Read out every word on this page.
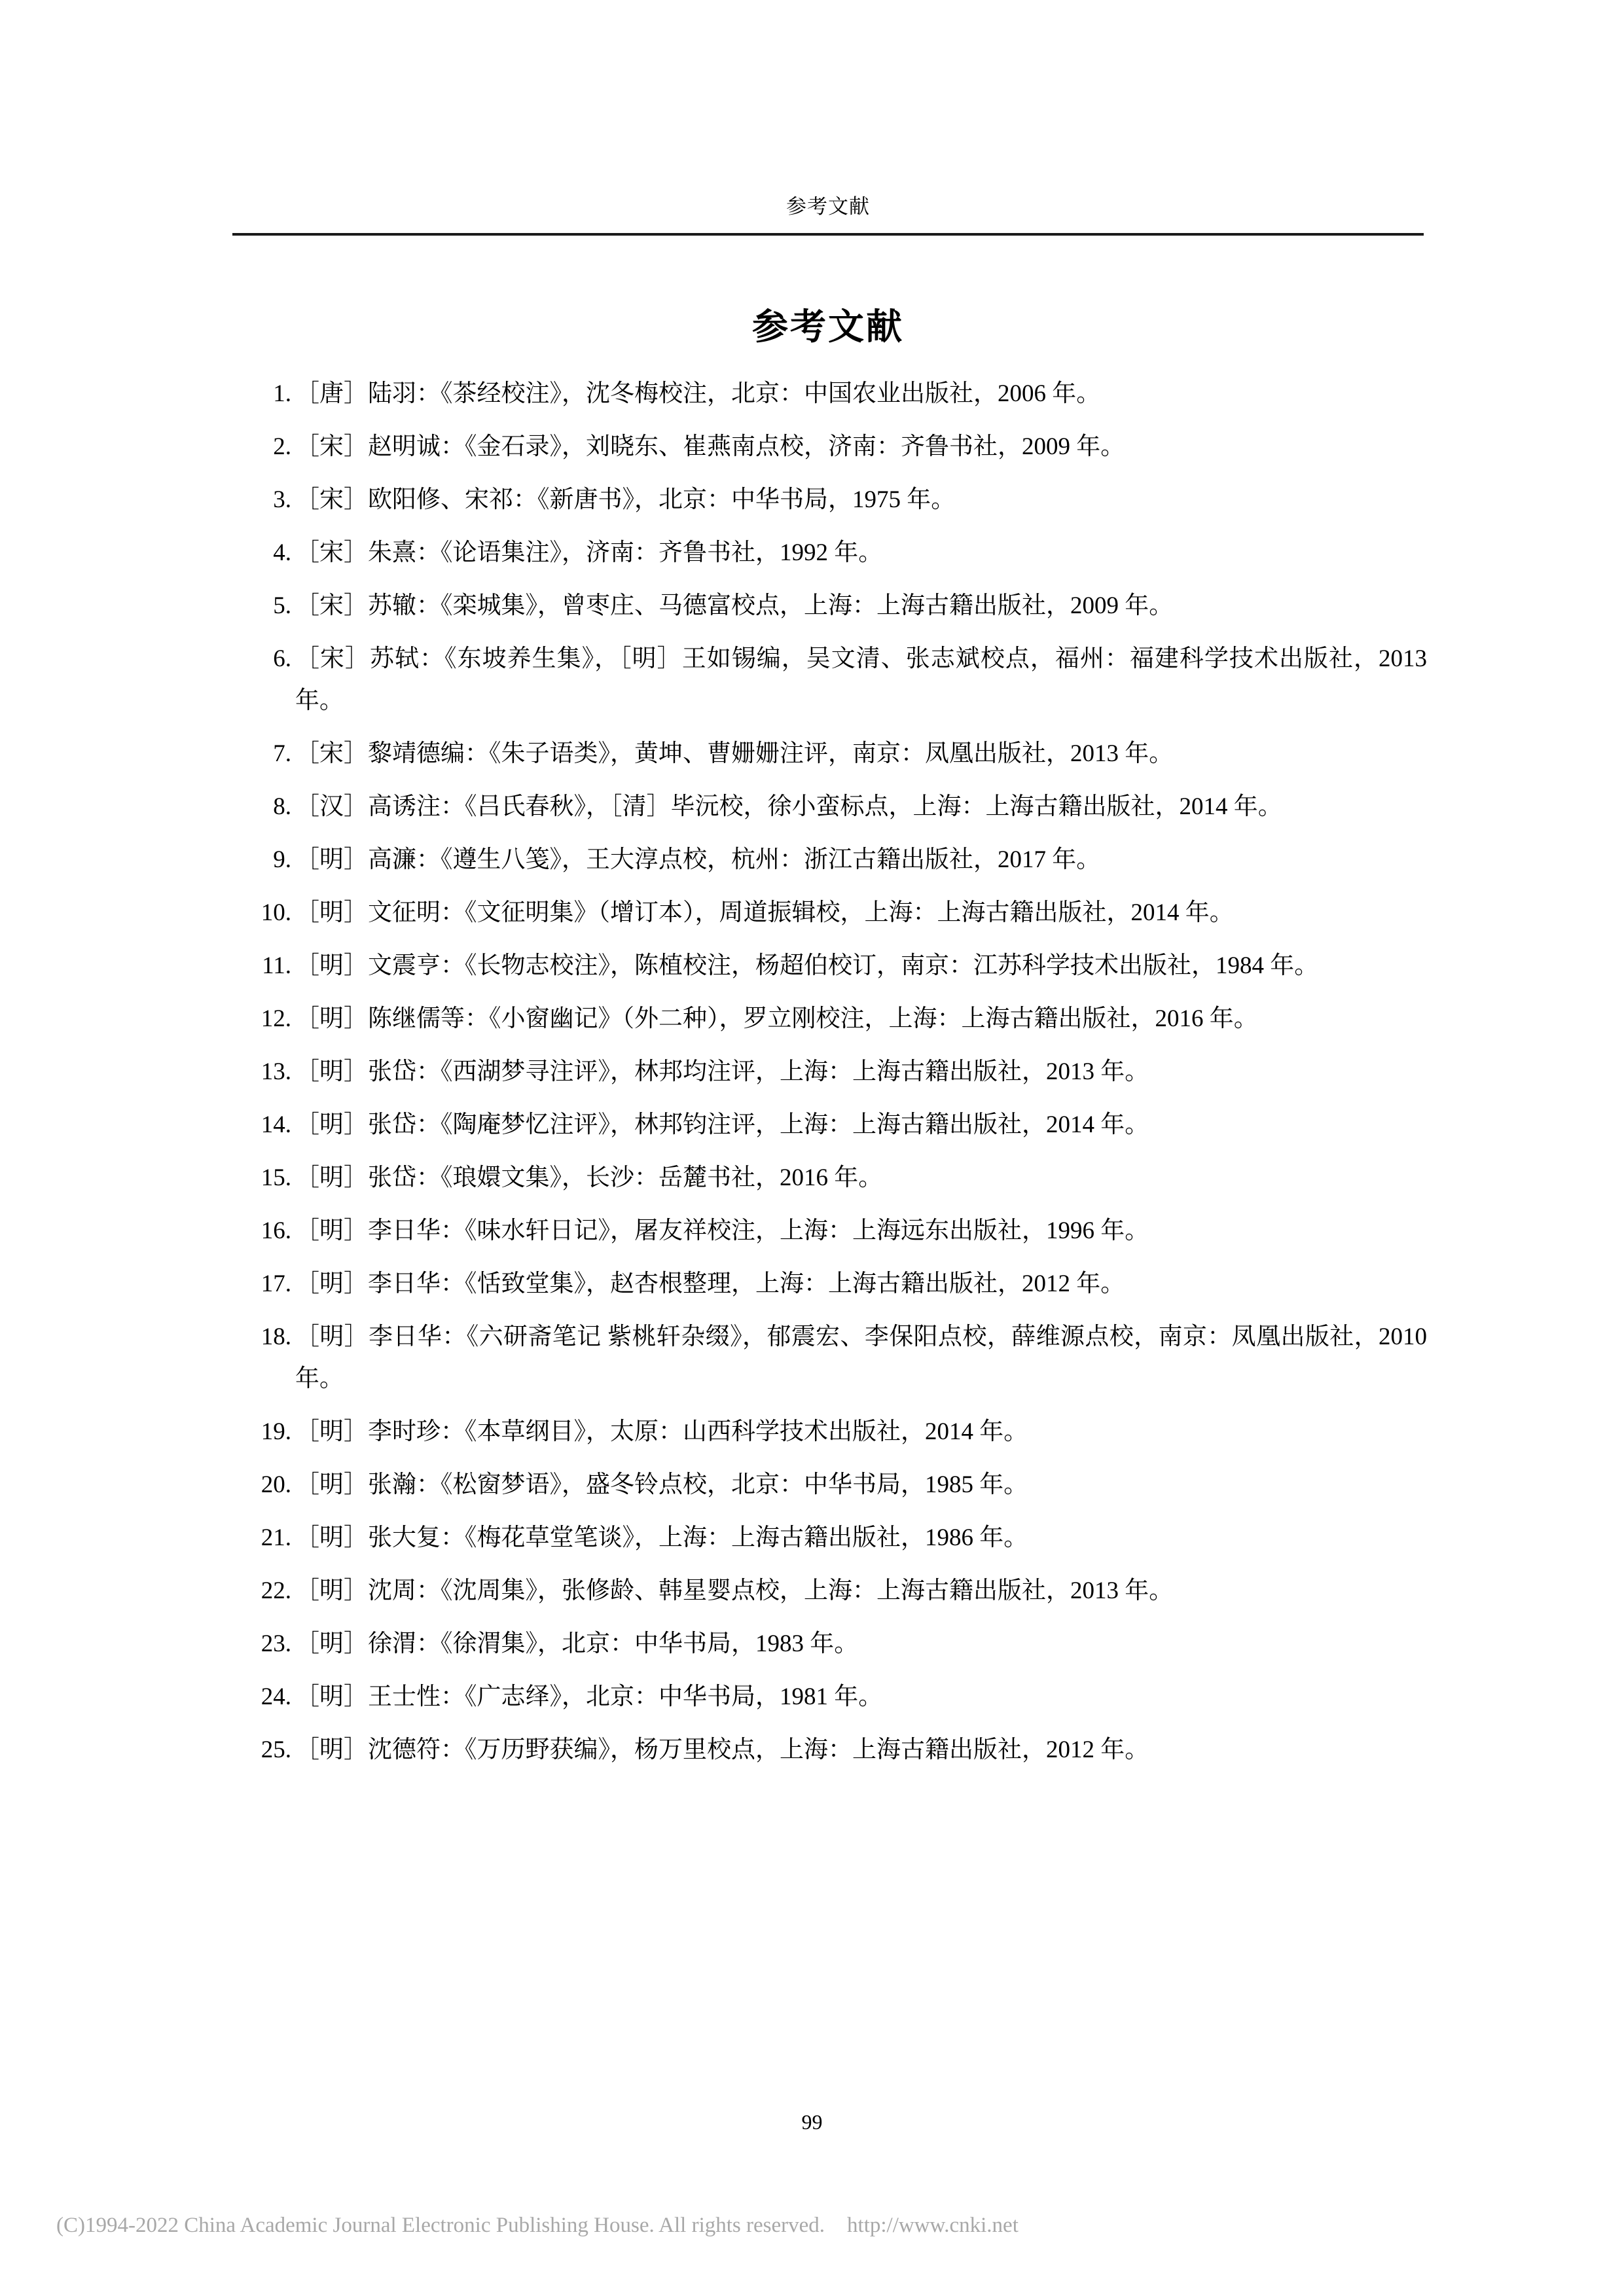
参考文献
参考文献
1. ［唐］陆羽：《茶经校注》，沈冬梅校注，北京：中国农业出版社，2006 年。
2. ［宋］赵明诚：《金石录》，刘晓东、崔燕南点校，济南：齐鲁书社，2009 年。
3. ［宋］欧阳修、宋祁：《新唐书》，北京：中华书局，1975 年。
4. ［宋］朱熹：《论语集注》，济南：齐鲁书社，1992 年。
5. ［宋］苏辙：《栾城集》，曾枣庄、马德富校点，上海：上海古籍出版社，2009 年。
6. ［宋］苏轼：《东坡养生集》，［明］王如锡编，吴文清、张志斌校点，福州：福建科学技术出版社，2013 年。
7. ［宋］黎靖德编：《朱子语类》，黄坤、曹姗姗注评，南京：凤凰出版社，2013 年。
8. ［汉］高诱注：《吕氏春秋》，［清］毕沅校，徐小蛮标点，上海：上海古籍出版社，2014 年。
9. ［明］高濂：《遵生八笺》，王大淳点校，杭州：浙江古籍出版社，2017 年。
10. ［明］文征明：《文征明集》（增订本），周道振辑校，上海：上海古籍出版社，2014 年。
11. ［明］文震亨：《长物志校注》，陈植校注，杨超伯校订，南京：江苏科学技术出版社，1984 年。
12. ［明］陈继儒等：《小窗幽记》（外二种），罗立刚校注，上海：上海古籍出版社，2016 年。
13. ［明］张岱：《西湖梦寻注评》，林邦均注评，上海：上海古籍出版社，2013 年。
14. ［明］张岱：《陶庵梦忆注评》，林邦钧注评，上海：上海古籍出版社，2014 年。
15. ［明］张岱：《琅嬛文集》，长沙：岳麓书社，2016 年。
16. ［明］李日华：《味水轩日记》，屠友祥校注，上海：上海远东出版社，1996 年。
17. ［明］李日华：《恬致堂集》，赵杏根整理，上海：上海古籍出版社，2012 年。
18. ［明］李日华：《六研斋笔记 紫桃轩杂缀》，郁震宏、李保阳点校，薛维源点校，南京：凤凰出版社，2010 年。
19. ［明］李时珍：《本草纲目》，太原：山西科学技术出版社，2014 年。
20. ［明］张瀚：《松窗梦语》，盛冬铃点校，北京：中华书局，1985 年。
21. ［明］张大复：《梅花草堂笔谈》，上海：上海古籍出版社，1986 年。
22. ［明］沈周：《沈周集》，张修龄、韩星婴点校，上海：上海古籍出版社，2013 年。
23. ［明］徐渭：《徐渭集》，北京：中华书局，1983 年。
24. ［明］王士性：《广志绎》，北京：中华书局，1981 年。
25. ［明］沈德符：《万历野获编》，杨万里校点，上海：上海古籍出版社，2012 年。
99
(C)1994-2022 China Academic Journal Electronic Publishing House. All rights reserved. http://www.cnki.net
